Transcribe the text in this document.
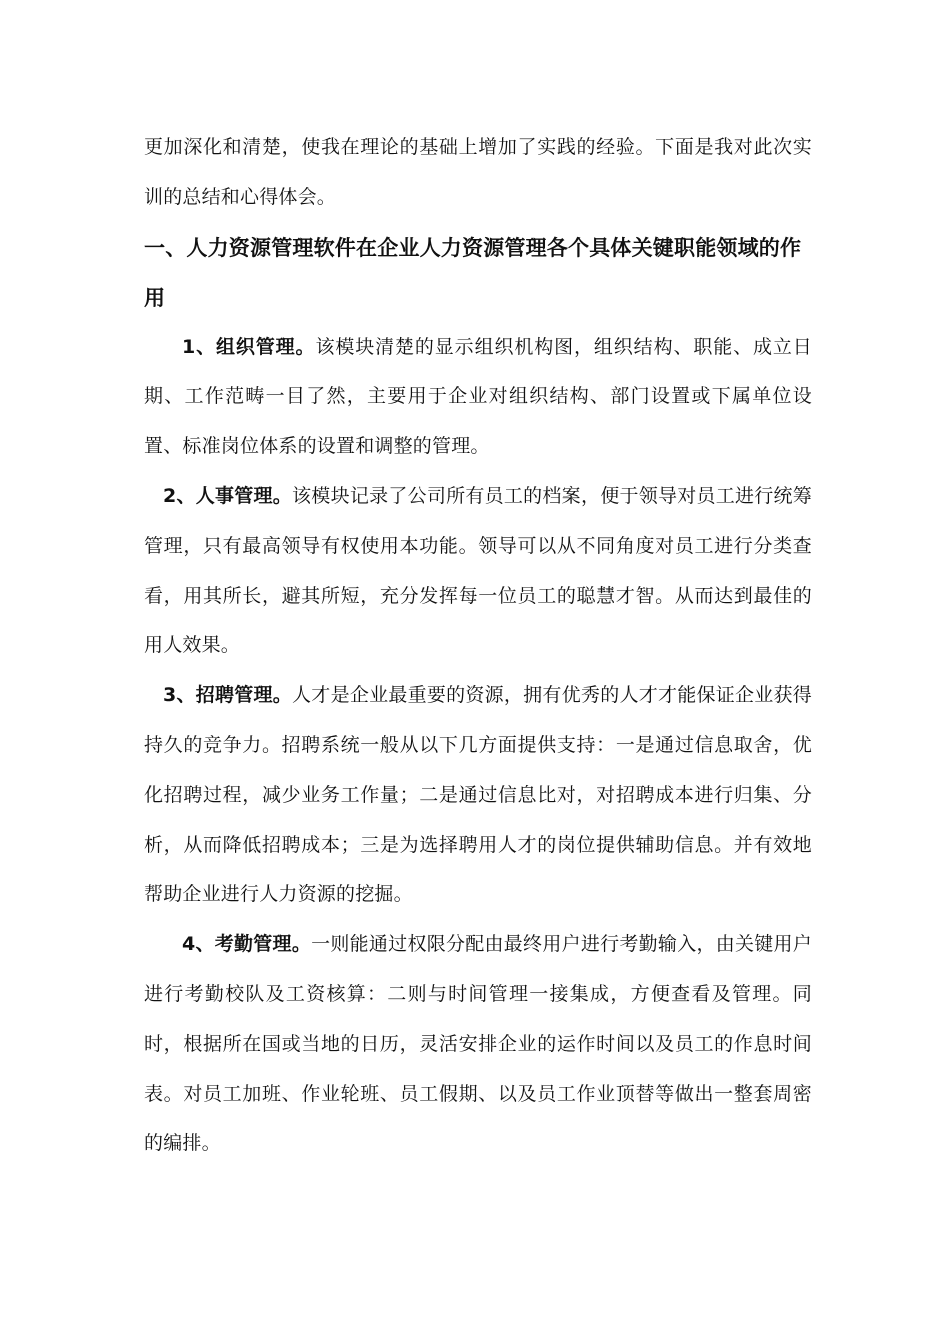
更加深化和清楚，使我在理论的基础上增加了实践的经验。下面是我对此次实训的总结和心得体会。

一、人力资源管理软件在企业人力资源管理各个具体关键职能领域的作用

1、组织管理。该模块清楚的显示组织机构图，组织结构、职能、成立日期、工作范畴一目了然，主要用于企业对组织结构、部门设置或下属单位设置、标准岗位体系的设置和调整的管理。

2、人事管理。该模块记录了公司所有员工的档案，便于领导对员工进行统筹管理，只有最高领导有权使用本功能。领导可以从不同角度对员工进行分类查看，用其所长，避其所短，充分发挥每一位员工的聪慧才智。从而达到最佳的用人效果。

3、招聘管理。人才是企业最重要的资源，拥有优秀的人才才能保证企业获得持久的竞争力。招聘系统一般从以下几方面提供支持：一是通过信息取舍，优化招聘过程，减少业务工作量；二是通过信息比对，对招聘成本进行归集、分析，从而降低招聘成本；三是为选择聘用人才的岗位提供辅助信息。并有效地帮助企业进行人力资源的挖掘。

4、考勤管理。一则能通过权限分配由最终用户进行考勤输入，由关键用户进行考勤校队及工资核算：二则与时间管理一接集成，方便查看及管理。同时，根据所在国或当地的日历，灵活安排企业的运作时间以及员工的作息时间表。对员工加班、作业轮班、员工假期、以及员工作业顶替等做出一整套周密的编排。
